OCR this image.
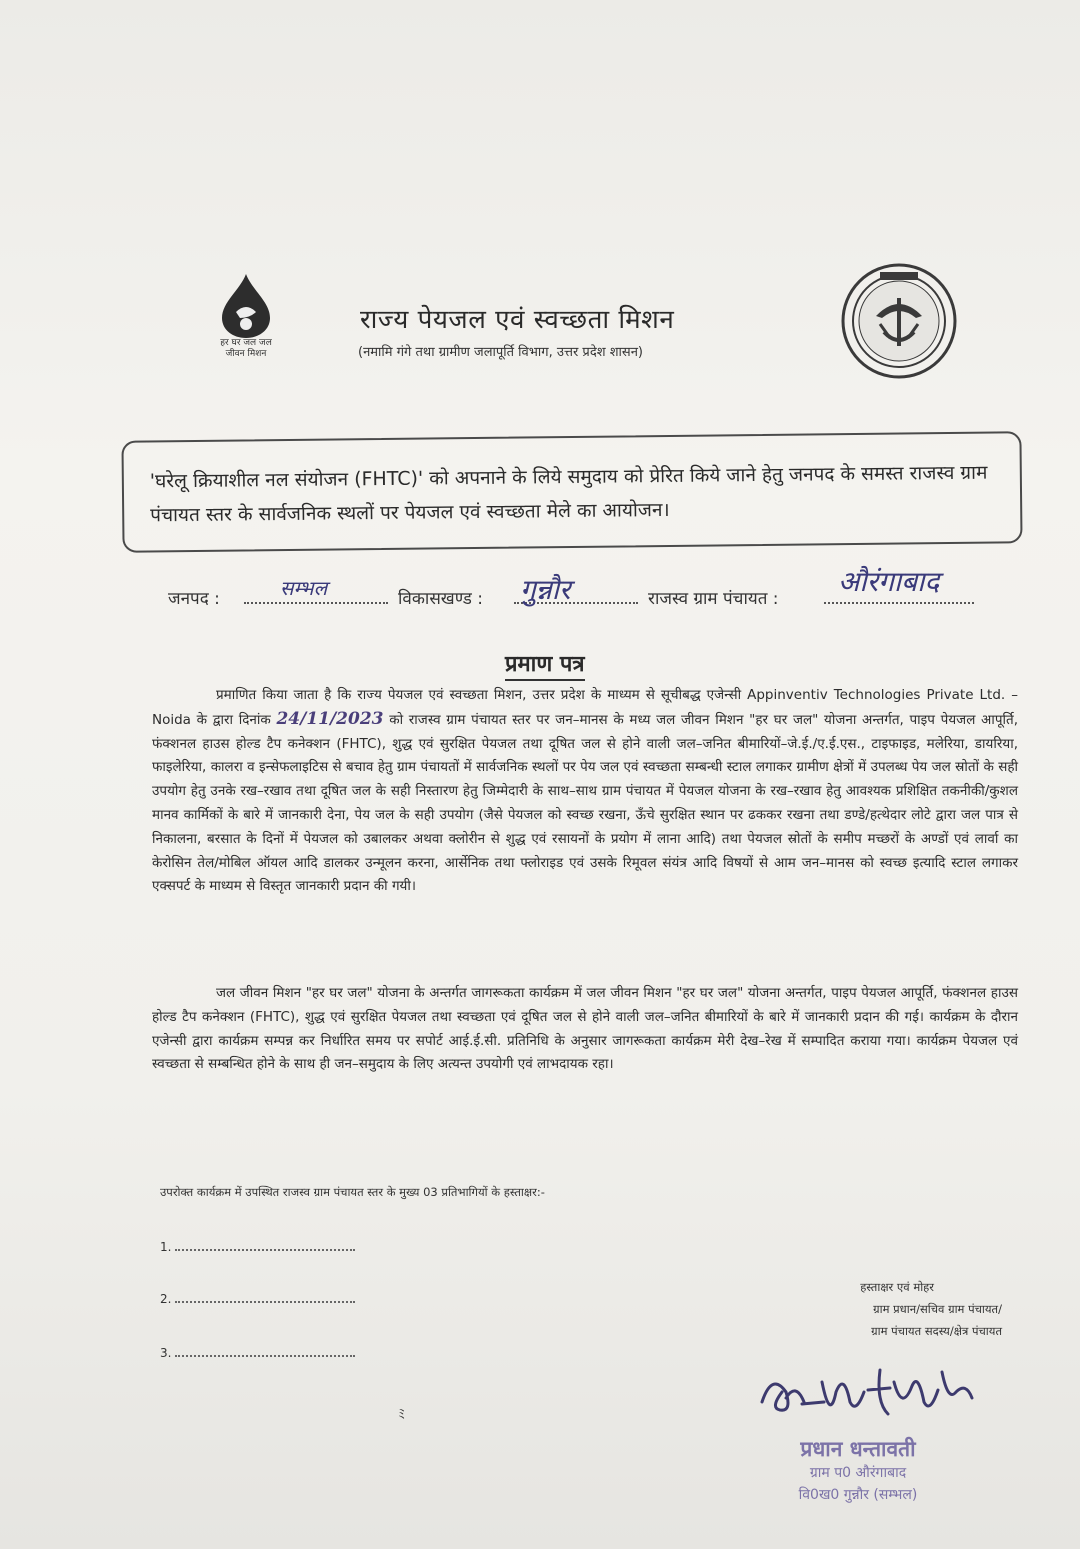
हर घर जल जल जीवन मिशन
राज्य पेयजल एवं स्वच्छता मिशन
(नमामि गंगे तथा ग्रामीण जलापूर्ति विभाग, उत्तर प्रदेश शासन)
'घरेलू क्रियाशील नल संयोजन (FHTC)' को अपनाने के लिये समुदाय को प्रेरित किये जाने हेतु जनपद के समस्त राजस्व ग्राम पंचायत स्तर के सार्वजनिक स्थलों पर पेयजल एवं स्वच्छता मेले का आयोजन।
जनपद :	सम्भल	विकासखण्ड : गुन्नौर	राजस्व ग्राम पंचायत :
औरंगाबाद
प्रमाण पत्र
प्रमाणित किया जाता है कि राज्य पेयजल एवं स्वच्छता मिशन, उत्तर प्रदेश के माध्यम से सूचीबद्ध एजेन्सी Appinventiv Technologies Private Ltd. – Noida के द्वारा दिनांक 24/11/2023 को राजस्व ग्राम पंचायत स्तर पर जन–मानस के मध्य जल जीवन मिशन "हर घर जल" योजना अन्तर्गत, पाइप पेयजल आपूर्ति, फंक्शनल हाउस होल्ड टैप कनेक्शन (FHTC), शुद्ध एवं सुरक्षित पेयजल तथा दूषित जल से होने वाली जल–जनित बीमारियों–जे.ई./ए.ई.एस., टाइफाइड, मलेरिया, डायरिया, फाइलेरिया, कालरा व इन्सेफलाइटिस से बचाव हेतु ग्राम पंचायतों में सार्वजनिक स्थलों पर पेय जल एवं स्वच्छता सम्बन्धी स्टाल लगाकर ग्रामीण क्षेत्रों में उपलब्ध पेय जल स्रोतों के सही उपयोग हेतु उनके रख–रखाव तथा दूषित जल के सही निस्तारण हेतु जिम्मेदारी के साथ–साथ ग्राम पंचायत में पेयजल योजना के रख–रखाव हेतु आवश्यक प्रशिक्षित तकनीकी/कुशल मानव कार्मिकों के बारे में जानकारी देना, पेय जल के सही उपयोग (जैसे पेयजल को स्वच्छ रखना, ऊँचे सुरक्षित स्थान पर ढककर रखना तथा डण्डे/हत्थेदार लोटे द्वारा जल पात्र से निकालना, बरसात के दिनों में पेयजल को उबालकर अथवा क्लोरीन से शुद्ध एवं रसायनों के प्रयोग में लाना आदि) तथा पेयजल स्रोतों के समीप मच्छरों के अण्डों एवं लार्वा का केरोसिन तेल/मोबिल ऑयल आदि डालकर उन्मूलन करना, आर्सेनिक तथा फ्लोराइड एवं उसके रिमूवल संयंत्र आदि विषयों से आम जन–मानस को स्वच्छ इत्यादि स्टाल लगाकर एक्सपर्ट के माध्यम से विस्तृत जानकारी प्रदान की गयी।
जल जीवन मिशन "हर घर जल" योजना के अन्तर्गत जागरूकता कार्यक्रम में जल जीवन मिशन "हर घर जल" योजना अन्तर्गत, पाइप पेयजल आपूर्ति, फंक्शनल हाउस होल्ड टैप कनेक्शन (FHTC), शुद्ध एवं सुरक्षित पेयजल तथा स्वच्छता एवं दूषित जल से होने वाली जल–जनित बीमारियों के बारे में जानकारी प्रदान की गई। कार्यक्रम के दौरान एजेन्सी द्वारा कार्यक्रम सम्पन्न कर निर्धारित समय पर सपोर्ट आई.ई.सी. प्रतिनिधि के अनुसार जागरूकता कार्यक्रम मेरी देख–रेख में सम्पादित कराया गया। कार्यक्रम पेयजल एवं स्वच्छता से सम्बन्धित होने के साथ ही जन–समुदाय के लिए अत्यन्त उपयोगी एवं लाभदायक रहा।
उपरोक्त कार्यक्रम में उपस्थित राजस्व ग्राम पंचायत स्तर के मुख्य 03 प्रतिभागियों के हस्ताक्षर:-
1.
2.
3.
हस्ताक्षर एवं मोहर
ग्राम प्रधान/सचिव ग्राम पंचायत/
ग्राम पंचायत सदस्य/क्षेत्र पंचायत
ﾐ
प्रधान धन्तावती
ग्राम प0 औरंगाबाद
वि0ख0 गुन्नौर (सम्भल)
